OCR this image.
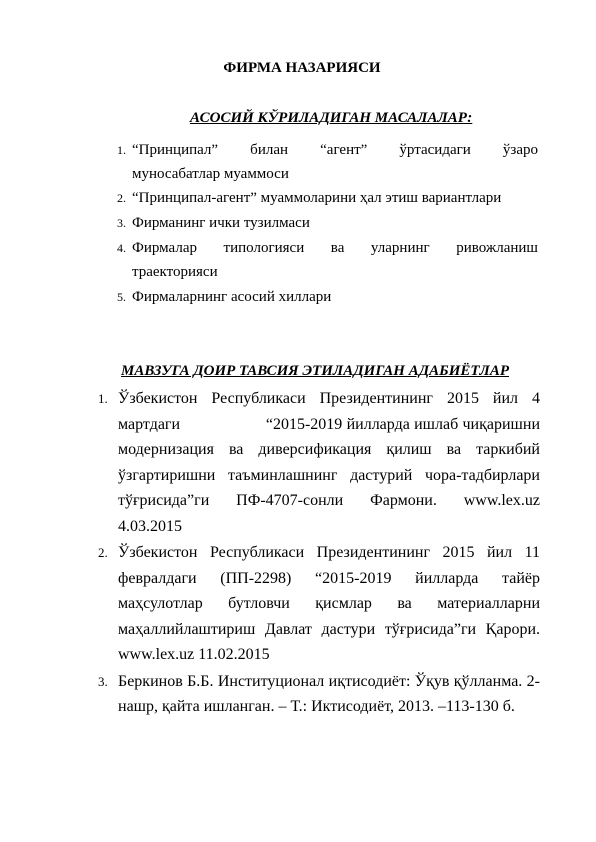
ФИРМА НАЗАРИЯСИ
АСОСИЙ КЎРИЛАДИГАН МАСАЛАЛАР:
1. “Принципал” билан “агент” ўртасидаги ўзаро
муносабатлар муаммоси
2. “Принципал-агент” муаммоларини ҳал этиш вариантлари
3. Фирманинг ички тузилмаси
4. Фирмалар типологияси ва уларнинг ривожланиш
траекторияси
5. Фирмаларнинг асосий хиллари
МАВЗУГА ДОИР ТАВСИЯ ЭТИЛАДИГАН АДАБИЁТЛАР
1. Ўзбекистон Республикаси Президентининг 2015 йил 4
мартдаги                    “2015-2019 йилларда ишлаб чиқаришни
модернизация ва диверсификация қилиш ва таркибий
ўзгартиришни таъминлашнинг дастурий чора-тадбирлари
тўғрисида”ги ПФ-4707-сонли Фармони. www.lex.uz
4.03.2015
2. Ўзбекистон Республикаси Президентининг 2015 йил 11
февралдаги (ПП-2298) “2015-2019 йилларда тайёр
маҳсулотлар бутловчи қисмлар ва материалларни
маҳаллийлаштириш Давлат дастури тўғрисида”ги Қарори.
www.lex.uz 11.02.2015
3. Беркинов Б.Б. Институционал иқтисодиёт: Ўқув қўлланма. 2-
нашр, қайта ишланган. – Т.: Иктисодиёт, 2013. –113-130 б.
